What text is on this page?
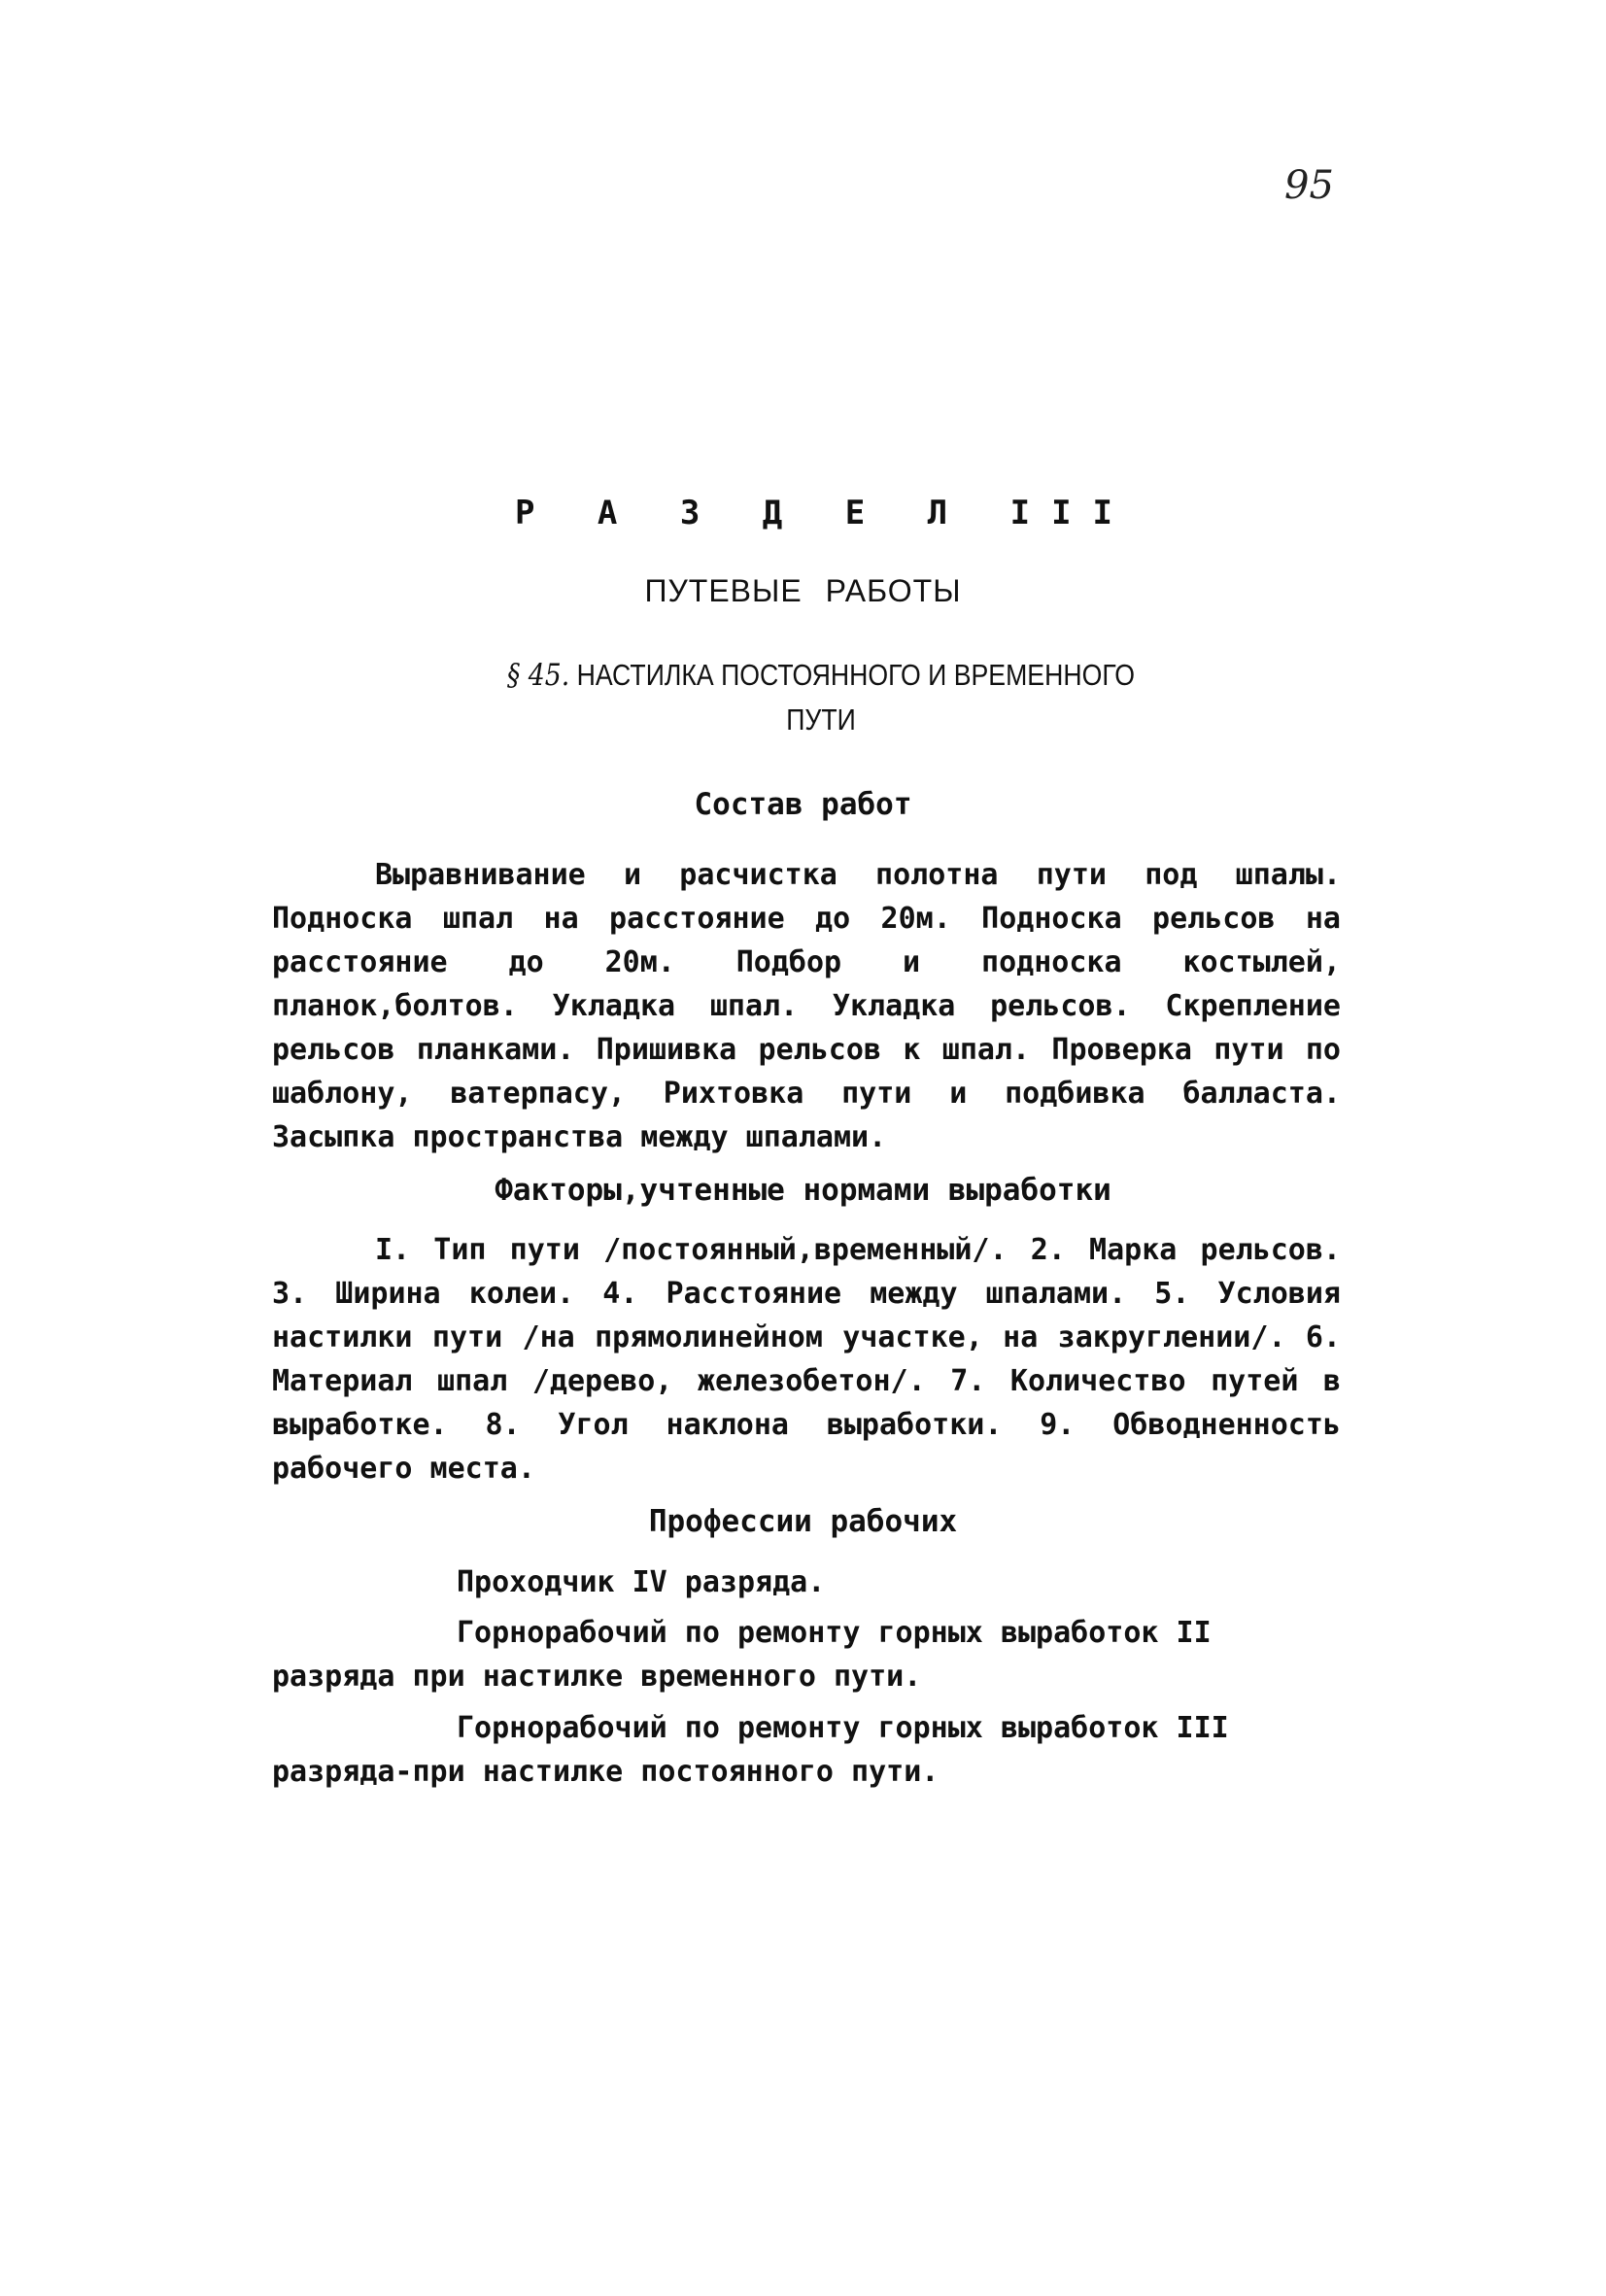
95
Р А З Д Е Л III
ПУТЕВЫЕ РАБОТЫ
§ 45. НАСТИЛКА ПОСТОЯННОГО И ВРЕМЕННОГО
ПУТИ
Состав работ

Выравнивание и расчистка полотна пути под шпалы. Подноска шпал на расстояние до 20м. Подноска рельсов на расстояние до 20м. Подбор и подноска костылей, планок,болтов. Укладка шпал. Укладка рельсов. Скрепление рельсов планками. Пришивка рельсов к шпал. Проверка пути по шаблону, ватерпасу, Рихтовка пути и подбивка балласта. Засыпка пространства между шпалами.

Факторы,учтенные нормами выработки

I. Тип пути /постоянный,временный/. 2. Марка рельсов. 3. Ширина колеи. 4. Расстояние между шпалами. 5. Условия настилки пути /на прямолинейном участке, на закруглении/. 6. Материал шпал /дерево, железобетон/. 7. Количество путей в выработке. 8. Угол наклона выработки. 9. Обводненность рабочего места.

Профессии рабочих
Проходчик IV разряда.
Горнорабочий по ремонту горных выработок II разряда при настилке временного пути.
Горнорабочий по ремонту горных выработок III разряда-при настилке постоянного пути.
